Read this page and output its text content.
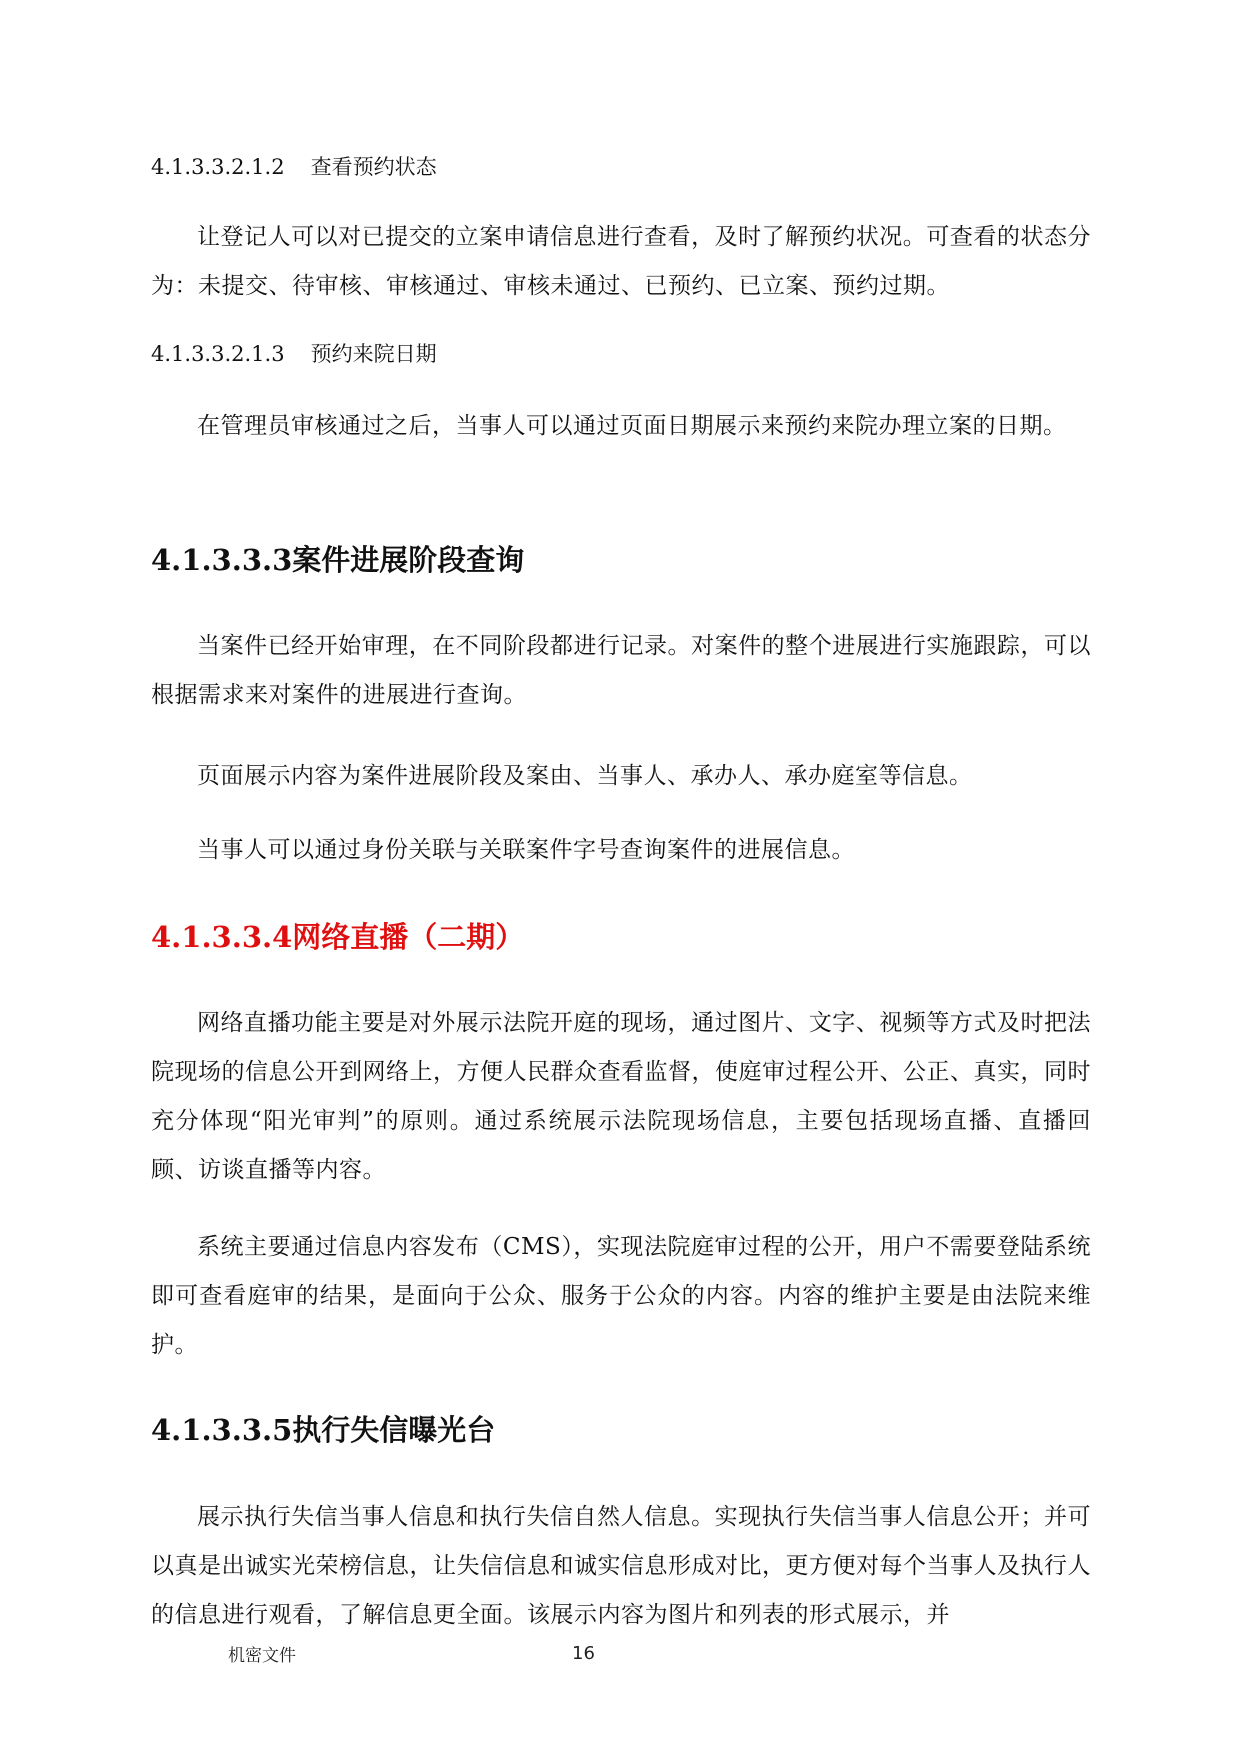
4.1.3.3.2.1.2 查看预约状态
让登记人可以对已提交的立案申请信息进行查看，及时了解预约状况。可查看的状态分为：未提交、待审核、审核通过、审核未通过、已预约、已立案、预约过期。
4.1.3.3.2.1.3 预约来院日期
在管理员审核通过之后，当事人可以通过页面日期展示来预约来院办理立案的日期。
4.1.3.3.3案件进展阶段查询
当案件已经开始审理，在不同阶段都进行记录。对案件的整个进展进行实施跟踪，可以根据需求来对案件的进展进行查询。
页面展示内容为案件进展阶段及案由、当事人、承办人、承办庭室等信息。
当事人可以通过身份关联与关联案件字号查询案件的进展信息。
4.1.3.3.4网络直播（二期）
网络直播功能主要是对外展示法院开庭的现场，通过图片、文字、视频等方式及时把法院现场的信息公开到网络上，方便人民群众查看监督，使庭审过程公开、公正、真实，同时充分体现“阳光审判”的原则。通过系统展示法院现场信息，主要包括现场直播、直播回顾、访谈直播等内容。
系统主要通过信息内容发布（CMS），实现法院庭审过程的公开，用户不需要登陆系统即可查看庭审的结果，是面向于公众、服务于公众的内容。内容的维护主要是由法院来维护。
4.1.3.3.5执行失信曝光台
展示执行失信当事人信息和执行失信自然人信息。实现执行失信当事人信息公开；并可以真是出诚实光荣榜信息，让失信信息和诚实信息形成对比，更方便对每个当事人及执行人的信息进行观看，了解信息更全面。该展示内容为图片和列表的形式展示，并
机密文件	16
